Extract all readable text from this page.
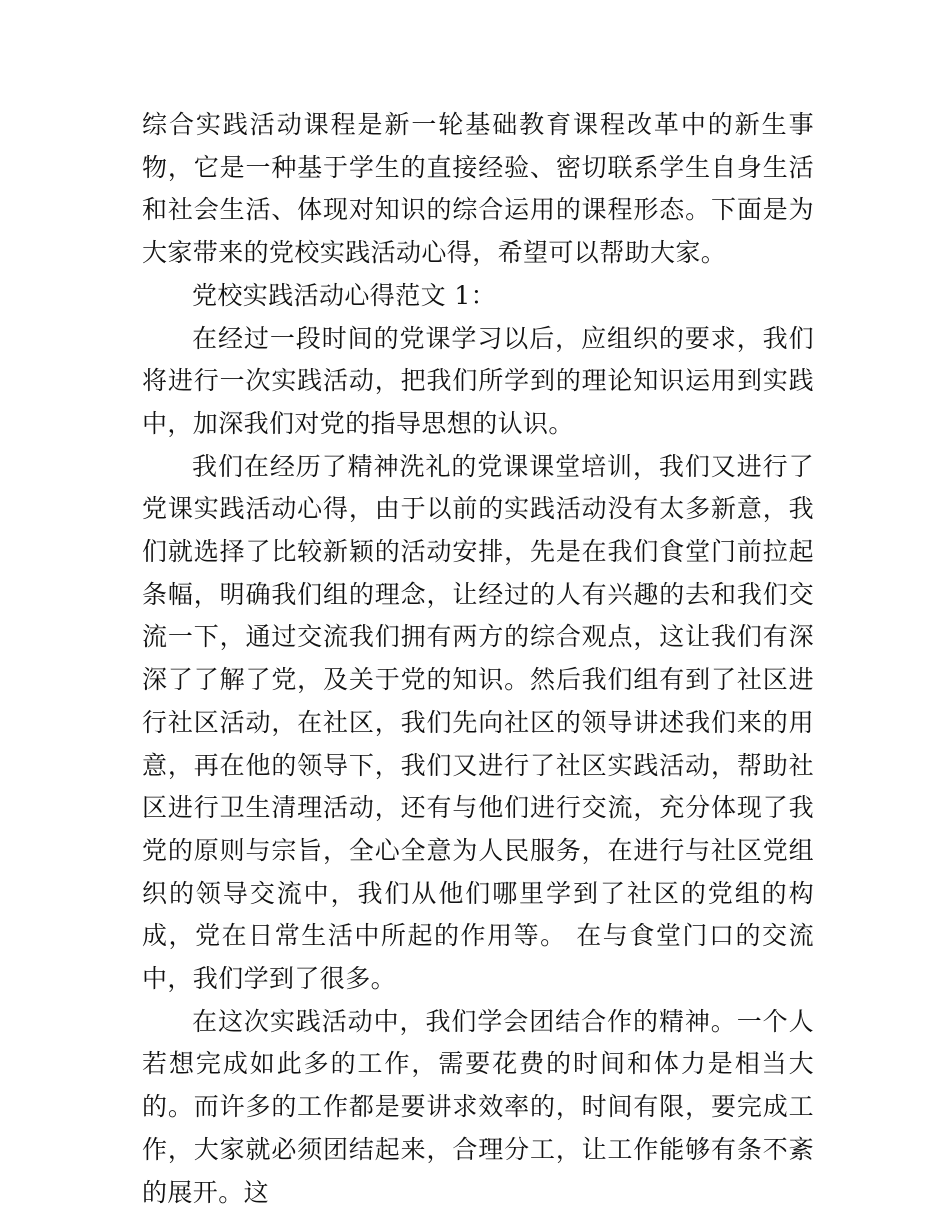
综合实践活动课程是新一轮基础教育课程改革中的新生事物，它是一种基于学生的直接经验、密切联系学生自身生活和社会生活、体现对知识的综合运用的课程形态。下面是为大家带来的党校实践活动心得，希望可以帮助大家。

党校实践活动心得范文 1：

在经过一段时间的党课学习以后，应组织的要求，我们将进行一次实践活动，把我们所学到的理论知识运用到实践中，加深我们对党的指导思想的认识。

我们在经历了精神洗礼的党课课堂培训，我们又进行了党课实践活动心得，由于以前的实践活动没有太多新意，我们就选择了比较新颖的活动安排，先是在我们食堂门前拉起条幅，明确我们组的理念，让经过的人有兴趣的去和我们交流一下，通过交流我们拥有两方的综合观点，这让我们有深深了了解了党，及关于党的知识。然后我们组有到了社区进行社区活动，在社区，我们先向社区的领导讲述我们来的用意，再在他的领导下，我们又进行了社区实践活动，帮助社区进行卫生清理活动，还有与他们进行交流，充分体现了我党的原则与宗旨，全心全意为人民服务，在进行与社区党组织的领导交流中，我们从他们哪里学到了社区的党组的构成，党在日常生活中所起的作用等。 在与食堂门口的交流中，我们学到了很多。

在这次实践活动中，我们学会团结合作的精神。一个人若想完成如此多的工作，需要花费的时间和体力是相当大的。而许多的工作都是要讲求效率的，时间有限，要完成工作，大家就必须团结起来，合理分工，让工作能够有条不紊的展开。这
